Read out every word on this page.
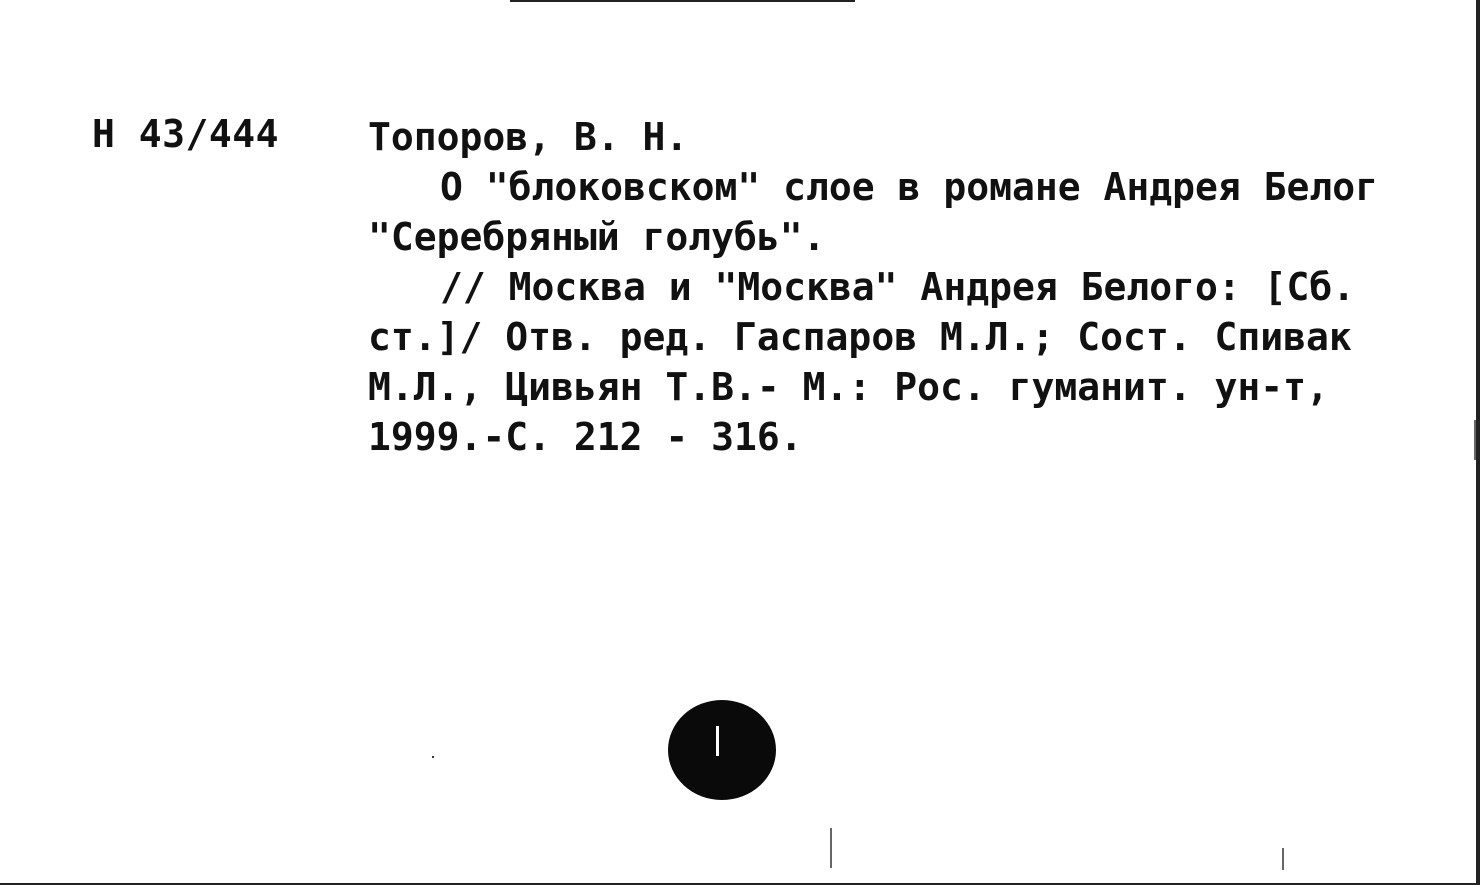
Н 43/444 Топоров, В. Н.
О "блоковском" слое в романе Андрея Белог
"Серебряный голубь".
// Москва и "Москва" Андрея Белого: [Сб.
ст.]/ Отв. ред. Гаспаров М.Л.; Сост. Спивак
М.Л., Цивьян Т.В.- М.: Рос. гуманит. ун-т,
1999.-С. 212 - 316.
